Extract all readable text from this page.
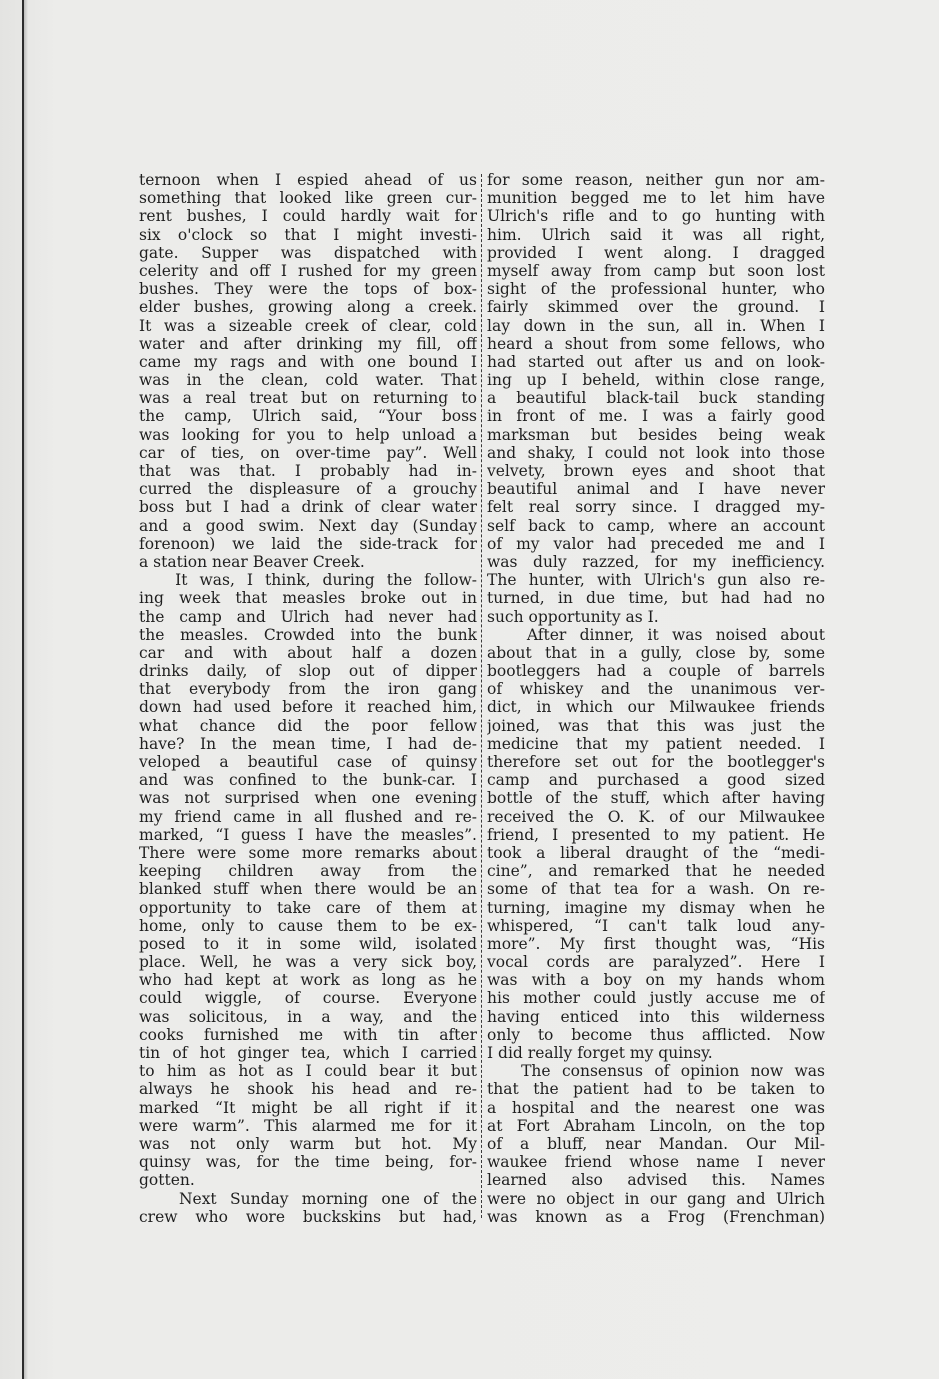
ternoon when I espied ahead of us
something that looked like green cur-
rent bushes, I could hardly wait for
six o'clock so that I might investi-
gate. Supper was dispatched with
celerity and off I rushed for my green
bushes. They were the tops of box-
elder bushes, growing along a creek.
It was a sizeable creek of clear, cold
water and after drinking my fill, off
came my rags and with one bound I
was in the clean, cold water. That
was a real treat but on returning to
the camp, Ulrich said, “Your boss
was looking for you to help unload a
car of ties, on over-time pay”. Well
that was that. I probably had in-
curred the displeasure of a grouchy
boss but I had a drink of clear water
and a good swim. Next day (Sunday
forenoon) we laid the side-track for
a station near Beaver Creek.
It was, I think, during the follow-
ing week that measles broke out in
the camp and Ulrich had never had
the measles. Crowded into the bunk
car and with about half a dozen
drinks daily, of slop out of dipper
that everybody from the iron gang
down had used before it reached him,
what chance did the poor fellow
have? In the mean time, I had de-
veloped a beautiful case of quinsy
and was confined to the bunk-car. I
was not surprised when one evening
my friend came in all flushed and re-
marked, “I guess I have the measles”.
There were some more remarks about
keeping children away from the
blanked stuff when there would be an
opportunity to take care of them at
home, only to cause them to be ex-
posed to it in some wild, isolated
place. Well, he was a very sick boy,
who had kept at work as long as he
could wiggle, of course. Everyone
was solicitous, in a way, and the
cooks furnished me with tin after
tin of hot ginger tea, which I carried
to him as hot as I could bear it but
always he shook his head and re-
marked “It might be all right if it
were warm”. This alarmed me for it
was not only warm but hot. My
quinsy was, for the time being, for-
gotten.
Next Sunday morning one of the
crew who wore buckskins but had,
for some reason, neither gun nor am-
munition begged me to let him have
Ulrich's rifle and to go hunting with
him. Ulrich said it was all right,
provided I went along. I dragged
myself away from camp but soon lost
sight of the professional hunter, who
fairly skimmed over the ground. I
lay down in the sun, all in. When I
heard a shout from some fellows, who
had started out after us and on look-
ing up I beheld, within close range,
a beautiful black-tail buck standing
in front of me. I was a fairly good
marksman but besides being weak
and shaky, I could not look into those
velvety, brown eyes and shoot that
beautiful animal and I have never
felt real sorry since. I dragged my-
self back to camp, where an account
of my valor had preceded me and I
was duly razzed, for my inefficiency.
The hunter, with Ulrich's gun also re-
turned, in due time, but had had no
such opportunity as I.
After dinner, it was noised about
about that in a gully, close by, some
bootleggers had a couple of barrels
of whiskey and the unanimous ver-
dict, in which our Milwaukee friends
joined, was that this was just the
medicine that my patient needed. I
therefore set out for the bootlegger's
camp and purchased a good sized
bottle of the stuff, which after having
received the O. K. of our Milwaukee
friend, I presented to my patient. He
took a liberal draught of the “medi-
cine”, and remarked that he needed
some of that tea for a wash. On re-
turning, imagine my dismay when he
whispered, “I can't talk loud any-
more”. My first thought was, “His
vocal cords are paralyzed”. Here I
was with a boy on my hands whom
his mother could justly accuse me of
having enticed into this wilderness
only to become thus afflicted. Now
I did really forget my quinsy.
The consensus of opinion now was
that the patient had to be taken to
a hospital and the nearest one was
at Fort Abraham Lincoln, on the top
of a bluff, near Mandan. Our Mil-
waukee friend whose name I never
learned also advised this. Names
were no object in our gang and Ulrich
was known as a Frog (Frenchman)
